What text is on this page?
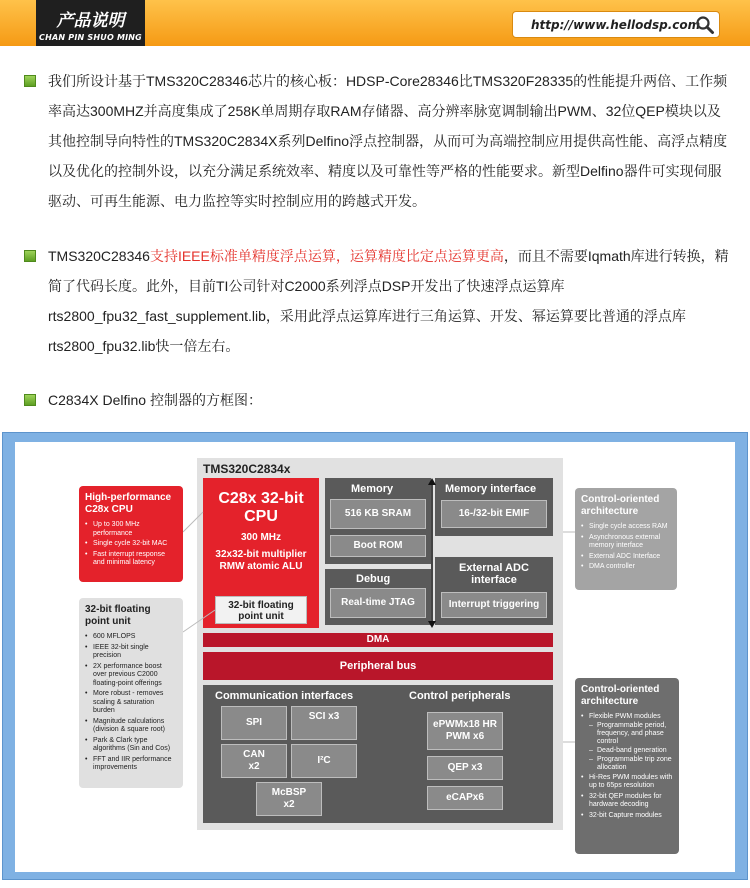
产品说明
CHAN PIN SHUO MING
http://www.hellodsp.com

我们所设计基于TMS320C28346芯片的核心板：HDSP-Core28346比TMS320F28335的性能提升两倍、工作频率高达300MHZ并高度集成了258K单周期存取RAM存储器、高分辨率脉宽调制输出PWM、32位QEP模块以及其他控制导向特性的TMS320C2834X系列Delfino浮点控制器，从而可为高端控制应用提供高性能、高浮点精度以及优化的控制外设，以充分满足系统效率、精度以及可靠性等严格的性能要求。新型Delfino器件可实现伺服驱动、可再生能源、电力监控等实时控制应用的跨越式开发。

TMS320C28346支持IEEE标准单精度浮点运算，运算精度比定点运算更高，而且不需要Iqmath库进行转换，精简了代码长度。此外，目前TI公司针对C2000系列浮点DSP开发出了快速浮点运算库rts2800_fpu32_fast_supplement.lib，采用此浮点运算库进行三角运算、开发、幂运算要比普通的浮点库rts2800_fpu32.lib快一倍左右。

C2834X Delfino 控制器的方框图：

TMS320C2834x
C28x 32-bit CPU
300 MHz
32x32-bit multiplier RMW atomic ALU
32-bit floating point unit
Memory
516 KB SRAM
Boot ROM
Debug
Real-time JTAG
Memory interface
16-/32-bit EMIF
External ADC interface
Interrupt triggering
DMA
Peripheral bus
Communication interfaces	Control peripherals
SPI
SCI x3
CAN x2
I²C
McBSP x2
ePWMx18 HR PWM x6
QEP x3
eCAPx6
High-performance C28x CPU
• Up to 300 MHz performance
• Single cycle 32-bit MAC
• Fast interrupt response and minimal latency
32-bit floating point unit
• 600 MFLOPS
• IEEE 32-bit single precision
• 2X performance boost over previous C2000 floating-point offerings
• More robust - removes scaling & saturation burden
• Magnitude calculations (division & square root)
• Park & Clark type algorithms (Sin and Cos)
• FFT and IIR performance improvements
Control-oriented architecture
• Single cycle access RAM
• Asynchronous external memory interface
• External ADC Interface
• DMA controller
Control-oriented architecture
• Flexible PWM modules
– Programmable period, frequency, and phase control
– Dead-band generation
– Programmable trip zone allocation
• Hi-Res PWM modules with up to 65ps resolution
• 32-bit QEP modules for hardware decoding
• 32-bit Capture modules
